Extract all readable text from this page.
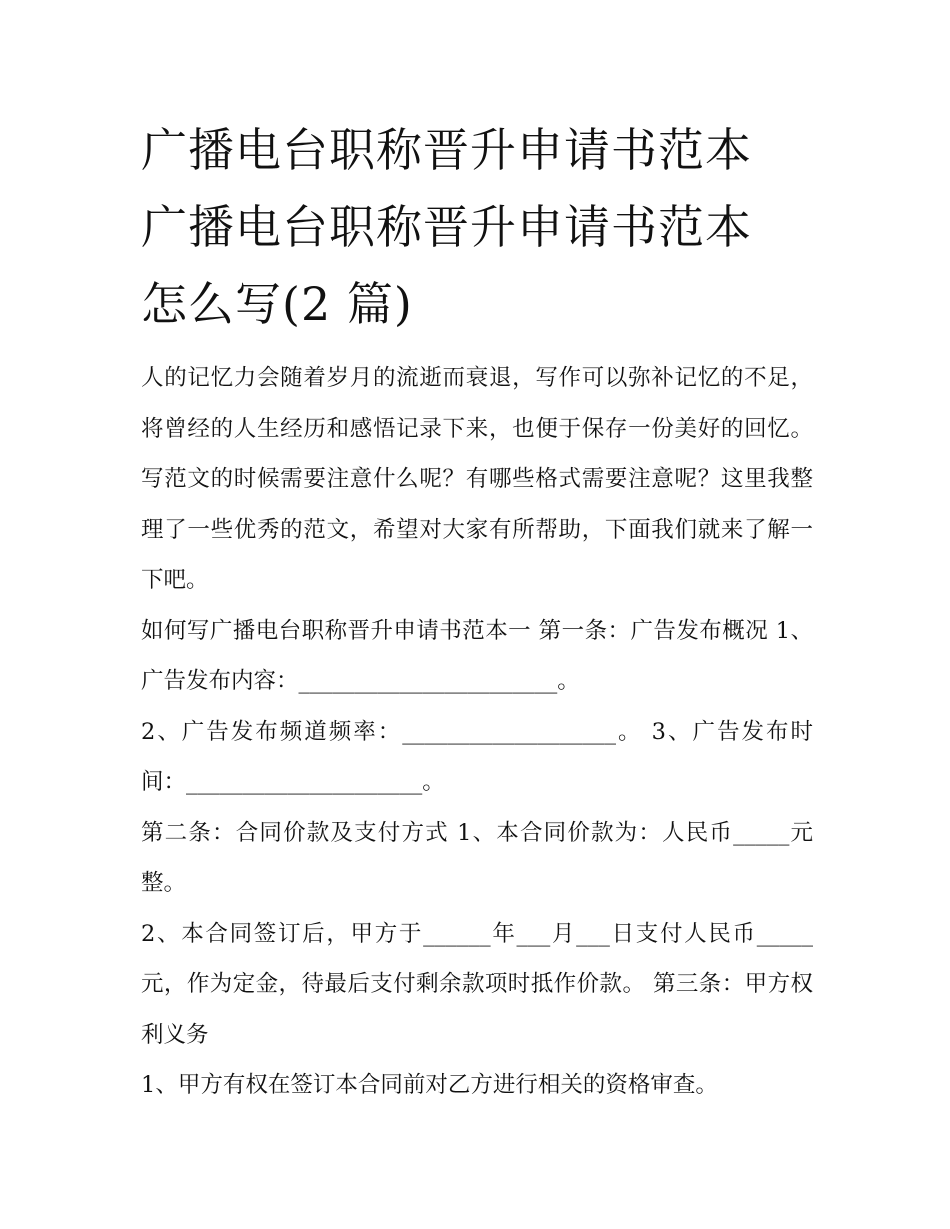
广播电台职称晋升申请书范本
广播电台职称晋升申请书范本
怎么写(2 篇)

人的记忆力会随着岁月的流逝而衰退，写作可以弥补记忆的不足，将曾经的人生经历和感悟记录下来，也便于保存一份美好的回忆。写范文的时候需要注意什么呢？有哪些格式需要注意呢？这里我整理了一些优秀的范文，希望对大家有所帮助，下面我们就来了解一下吧。

如何写广播电台职称晋升申请书范本一 第一条：广告发布概况 1、广告发布内容：_______________________。

2、广告发布频道频率：___________________。 3、广告发布时间：_____________________。

第二条：合同价款及支付方式 1、本合同价款为：人民币_____元整。

2、本合同签订后，甲方于______年___月___日支付人民币_____元，作为定金，待最后支付剩余款项时抵作价款。 第三条：甲方权利义务

1、甲方有权在签订本合同前对乙方进行相关的资格审查。
